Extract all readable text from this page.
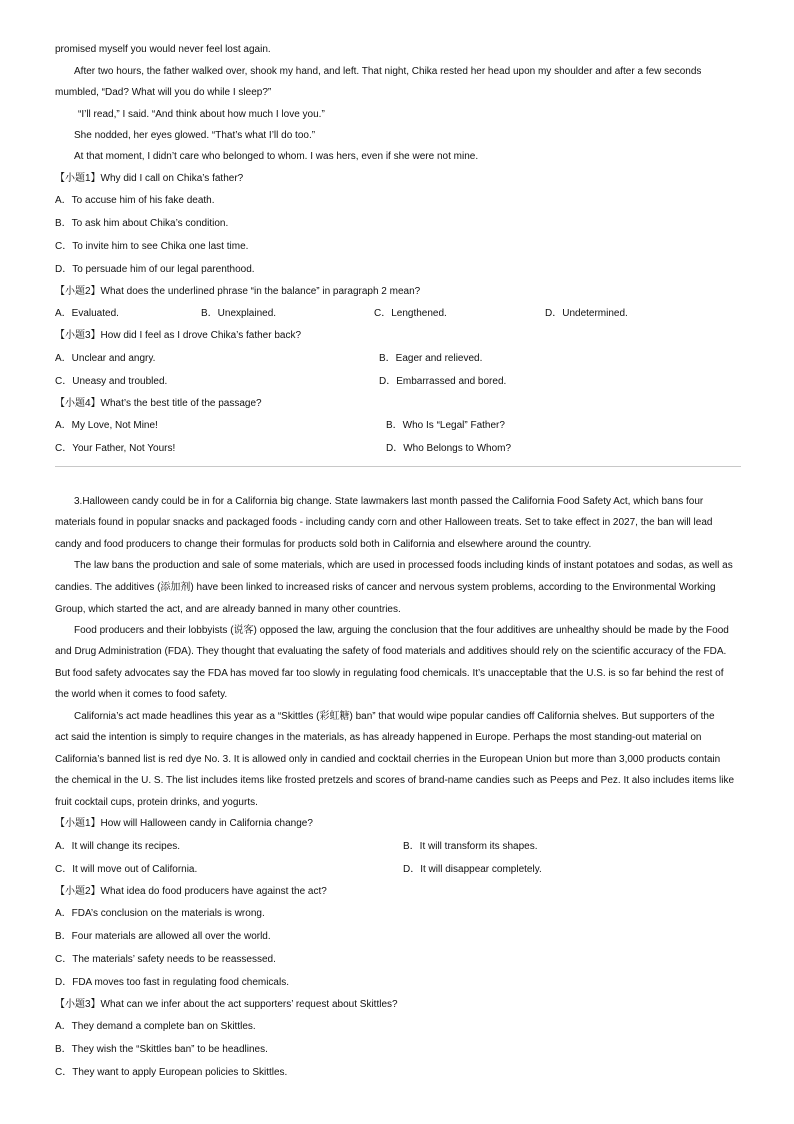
promised myself you would never feel lost again.
After two hours, the father walked over, shook my hand, and left. That night, Chika rested her head upon my shoulder and after a few seconds
mumbled, “Dad? What will you do while I sleep?”
“I’ll read,” I said. “And think about how much I love you.”
She nodded, her eyes glowed. “That’s what I’ll do too.”
At that moment, I didn’t care who belonged to whom. I was hers, even if she were not mine.
【小题1】Why did I call on Chika’s father?
A．To accuse him of his fake death.
B．To ask him about Chika’s condition.
C．To invite him to see Chika one last time.
D．To persuade him of our legal parenthood.
【小题2】What does the underlined phrase “in the balance” in paragraph 2 mean?
A．Evaluated.	B．Unexplained.	C．Lengthened.	D．Undetermined.
【小题3】How did I feel as I drove Chika’s father back?
A．Unclear and angry.	B．Eager and relieved.
C．Uneasy and troubled.	D．Embarrassed and bored.
【小题4】What’s the best title of the passage?
A．My Love, Not Mine!	B．Who Is “Legal” Father?
C．Your Father, Not Yours!	D．Who Belongs to Whom?
3.Halloween candy could be in for a California big change. State lawmakers last month passed the California Food Safety Act, which bans four
materials found in popular snacks and packaged foods - including candy corn and other Halloween treats. Set to take effect in 2027, the ban will lead
candy and food producers to change their formulas for products sold both in California and elsewhere around the country.
The law bans the production and sale of some materials, which are used in processed foods including kinds of instant potatoes and sodas, as well as
candies. The additives (添加剂) have been linked to increased risks of cancer and nervous system problems, according to the Environmental Working
Group, which started the act, and are already banned in many other countries.
Food producers and their lobbyists (说客) opposed the law, arguing the conclusion that the four additives are unhealthy should be made by the Food
and Drug Administration (FDA). They thought that evaluating the safety of food materials and additives should rely on the scientific accuracy of the FDA.
But food safety advocates say the FDA has moved far too slowly in regulating food chemicals. It’s unacceptable that the U.S. is so far behind the rest of
the world when it comes to food safety.
California’s act made headlines this year as a “Skittles (彩虹糖) ban” that would wipe popular candies off California shelves. But supporters of the
act said the intention is simply to require changes in the materials, as has already happened in Europe. Perhaps the most standing-out material on
California’s banned list is red dye No. 3. It is allowed only in candied and cocktail cherries in the European Union but more than 3,000 products contain
the chemical in the U. S. The list includes items like frosted pretzels and scores of brand-name candies such as Peeps and Pez. It also includes items like
fruit cocktail cups, protein drinks, and yogurts.
【小题1】How will Halloween candy in California change?
A．It will change its recipes.	B．It will transform its shapes.
C．It will move out of California.	D．It will disappear completely.
【小题2】What idea do food producers have against the act?
A．FDA’s conclusion on the materials is wrong.
B．Four materials are allowed all over the world.
C．The materials’ safety needs to be reassessed.
D．FDA moves too fast in regulating food chemicals.
【小题3】What can we infer about the act supporters’ request about Skittles?
A．They demand a complete ban on Skittles.
B．They wish the “Skittles ban” to be headlines.
C．They want to apply European policies to Skittles.
